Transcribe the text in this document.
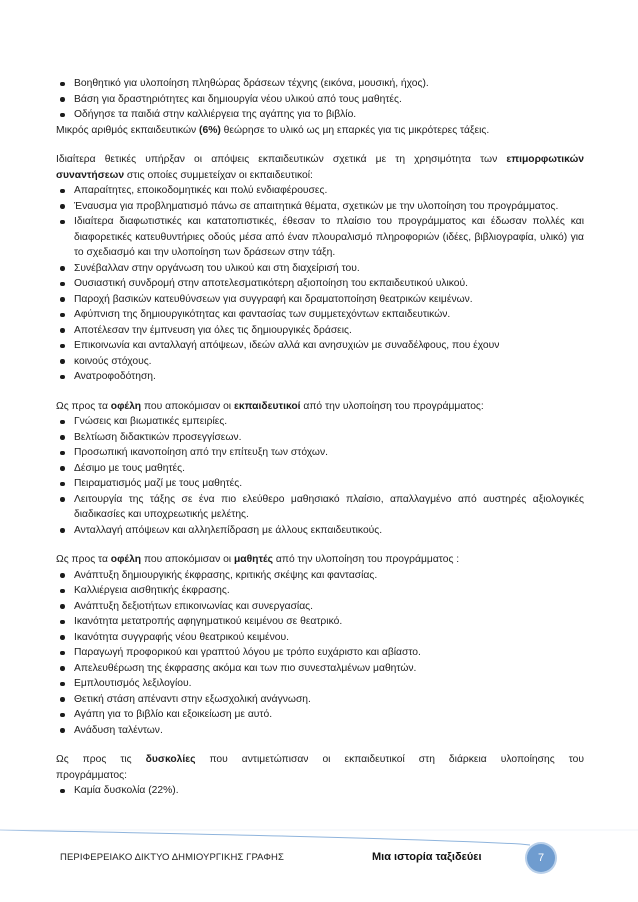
Βοηθητικό για υλοποίηση πληθώρας δράσεων τέχνης (εικόνα, μουσική, ήχος).
Βάση για δραστηριότητες και δημιουργία νέου υλικού από τους μαθητές.
Οδήγησε τα παιδιά στην καλλιέργεια της αγάπης για το βιβλίο.

Μικρός αριθμός εκπαιδευτικών (6%) θεώρησε το υλικό ως μη επαρκές για τις μικρότερες τάξεις.

Ιδιαίτερα θετικές υπήρξαν οι απόψεις εκπαιδευτικών σχετικά με τη χρησιμότητα των επιμορφωτικών

συναντήσεων στις οποίες συμμετείχαν οι εκπαιδευτικοί:

Απαραίτητες, εποικοδομητικές και πολύ ενδιαφέρουσες.
Έναυσμα για προβληματισμό πάνω σε απαιτητικά θέματα, σχετικών με την υλοποίηση του προγράμματος.
Ιδιαίτερα διαφωτιστικές και κατατοπιστικές, έθεσαν το πλαίσιο του προγράμματος και έδωσαν πολλές και διαφορετικές κατευθυντήριες οδούς μέσα από έναν πλουραλισμό πληροφοριών (ιδέες, βιβλιογραφία, υλικό) για το σχεδιασμό και την υλοποίηση των δράσεων στην τάξη.
Συνέβαλλαν στην οργάνωση του υλικού και στη διαχείρισή του.
Ουσιαστική συνδρομή στην αποτελεσματικότερη αξιοποίηση του εκπαιδευτικού υλικού.
Παροχή βασικών κατευθύνσεων για συγγραφή και δραματοποίηση θεατρικών κειμένων.
Αφύπνιση της δημιουργικότητας και φαντασίας των συμμετεχόντων εκπαιδευτικών.
Αποτέλεσαν την έμπνευση για όλες τις δημιουργικές δράσεις.
Επικοινωνία και ανταλλαγή απόψεων, ιδεών αλλά και ανησυχιών με συναδέλφους, που έχουν
κοινούς στόχους.
Ανατροφοδότηση.

Ως προς τα οφέλη που αποκόμισαν οι εκπαιδευτικοί από την υλοποίηση του προγράμματος:

Γνώσεις και βιωματικές εμπειρίες.
Βελτίωση διδακτικών προσεγγίσεων.
Προσωπική ικανοποίηση από την επίτευξη των στόχων.
Δέσιμο με τους μαθητές.
Πειραματισμός μαζί με τους μαθητές.
Λειτουργία της τάξης σε ένα πιο ελεύθερο μαθησιακό πλαίσιο, απαλλαγμένο από αυστηρές αξιολογικές διαδικασίες και υποχρεωτικής μελέτης.
Ανταλλαγή απόψεων και αλληλεπίδραση με άλλους εκπαιδευτικούς.

Ως προς τα οφέλη που αποκόμισαν οι μαθητές από την υλοποίηση του προγράμματος :

Ανάπτυξη δημιουργικής έκφρασης, κριτικής σκέψης και φαντασίας.
Καλλιέργεια αισθητικής έκφρασης.
Ανάπτυξη δεξιοτήτων επικοινωνίας και συνεργασίας.
Ικανότητα μετατροπής αφηγηματικού κειμένου σε θεατρικό.
Ικανότητα συγγραφής νέου θεατρικού κειμένου.
Παραγωγή προφορικού και γραπτού λόγου με τρόπο ευχάριστο και αβίαστο.
Απελευθέρωση της έκφρασης ακόμα και των πιο συνεσταλμένων μαθητών.
Εμπλουτισμός λεξιλογίου.
Θετική στάση απέναντι στην εξωσχολική ανάγνωση.
Αγάπη για το βιβλίο και εξοικείωση με αυτό.
Ανάδυση ταλέντων.

Ως προς τις δυσκολίες που αντιμετώπισαν οι εκπαιδευτικοί στη διάρκεια υλοποίησης του

προγράμματος:

Καμία δυσκολία (22%).
ΠΕΡΙΦΕΡΕΙΑΚΟ ΔΙΚΤΥΟ ΔΗΜΙΟΥΡΓΙΚΗΣ ΓΡΑΦΗΣ	Μια ιστορία ταξιδεύει	7
